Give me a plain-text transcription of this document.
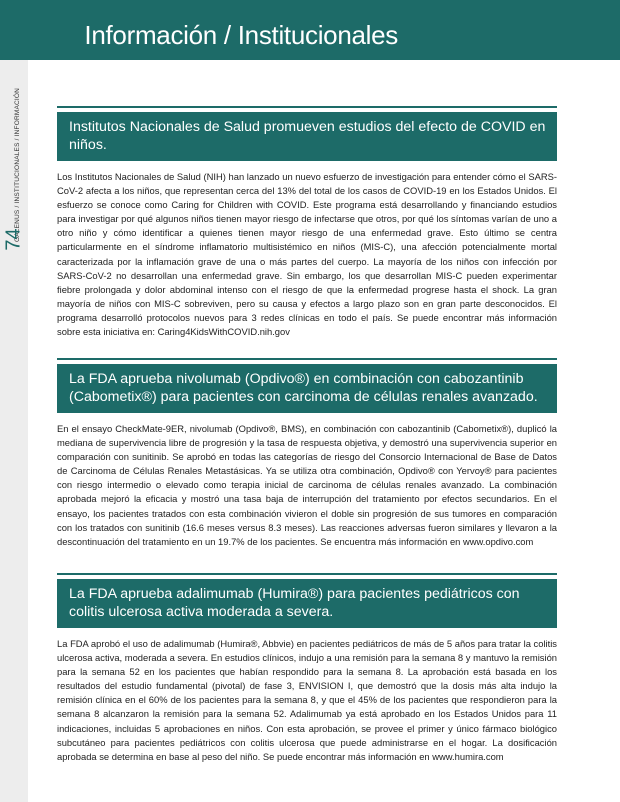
Información / Institucionales
GALENUS / INSTITUCIONALES / INFORMACIÓN
74
Institutos Nacionales de Salud promueven estudios del efecto de COVID en niños.

Los Institutos Nacionales de Salud (NIH) han lanzado un nuevo esfuerzo de investigación para entender cómo el SARS-CoV-2 afecta a los niños, que representan cerca del 13% del total de los casos de COVID-19 en los Estados Unidos. El esfuerzo se conoce como Caring for Children with COVID. Este programa está desarrollando y financiando estudios para investigar por qué algunos niños tienen mayor riesgo de infectarse que otros, por qué los síntomas varían de uno a otro niño y cómo identificar a quienes tienen mayor riesgo de una enfermedad grave. Esto último se centra particularmente en el síndrome inflamatorio multisistémico en niños (MIS-C), una afección potencialmente mortal caracterizada por la inflamación grave de una o más partes del cuerpo. La mayoría de los niños con infección por SARS-CoV-2 no desarrollan una enfermedad grave. Sin embargo, los que desarrollan MIS-C pueden experimentar fiebre prolongada y dolor abdominal intenso con el riesgo de que la enfermedad progrese hasta el shock. La gran mayoría de niños con MIS-C sobreviven, pero su causa y efectos a largo plazo son en gran parte desconocidos. El programa desarrolló protocolos nuevos para 3 redes clínicas en todo el país. Se puede encontrar más información sobre esta iniciativa en: Caring4KidsWithCOVID.nih.gov

La FDA aprueba nivolumab (Opdivo®) en combinación con cabozantinib (Cabometix®) para pacientes con carcinoma de células renales avanzado.

En el ensayo CheckMate-9ER, nivolumab (Opdivo®, BMS), en combinación con cabozantinib (Cabometix®), duplicó la mediana de supervivencia libre de progresión y la tasa de respuesta objetiva, y demostró una supervivencia superior en comparación con sunitinib. Se aprobó en todas las categorías de riesgo del Consorcio Internacional de Base de Datos de Carcinoma de Células Renales Metastásicas. Ya se utiliza otra combinación, Opdivo® con Yervoy® para pacientes con riesgo intermedio o elevado como terapia inicial de carcinoma de células renales avanzado. La combinación aprobada mejoró la eficacia y mostró una tasa baja de interrupción del tratamiento por efectos secundarios. En el ensayo, los pacientes tratados con esta combinación vivieron el doble sin progresión de sus tumores en comparación con los tratados con sunitinib (16.6 meses versus 8.3 meses). Las reacciones adversas fueron similares y llevaron a la descontinuación del tratamiento en un 19.7% de los pacientes. Se encuentra más información en www.opdivo.com

La FDA aprueba adalimumab (Humira®) para pacientes pediátricos con colitis ulcerosa activa moderada a severa.

La FDA aprobó el uso de adalimumab (Humira®, Abbvie) en pacientes pediátricos de más de 5 años para tratar la colitis ulcerosa activa, moderada a severa. En estudios clínicos, indujo a una remisión para la semana 8 y mantuvo la remisión para la semana 52 en los pacientes que habían respondido para la semana 8. La aprobación está basada en los resultados del estudio fundamental (pivotal) de fase 3, ENVISION I, que demostró que la dosis más alta indujo la remisión clínica en el 60% de los pacientes para la semana 8, y que el 45% de los pacientes que respondieron para la semana 8 alcanzaron la remisión para la semana 52. Adalimumab ya está aprobado en los Estados Unidos para 11 indicaciones, incluidas 5 aprobaciones en niños. Con esta aprobación, se provee el primer y único fármaco biológico subcutáneo para pacientes pediátricos con colitis ulcerosa que puede administrarse en el hogar. La dosificación aprobada se determina en base al peso del niño. Se puede encontrar más información en www.humira.com
